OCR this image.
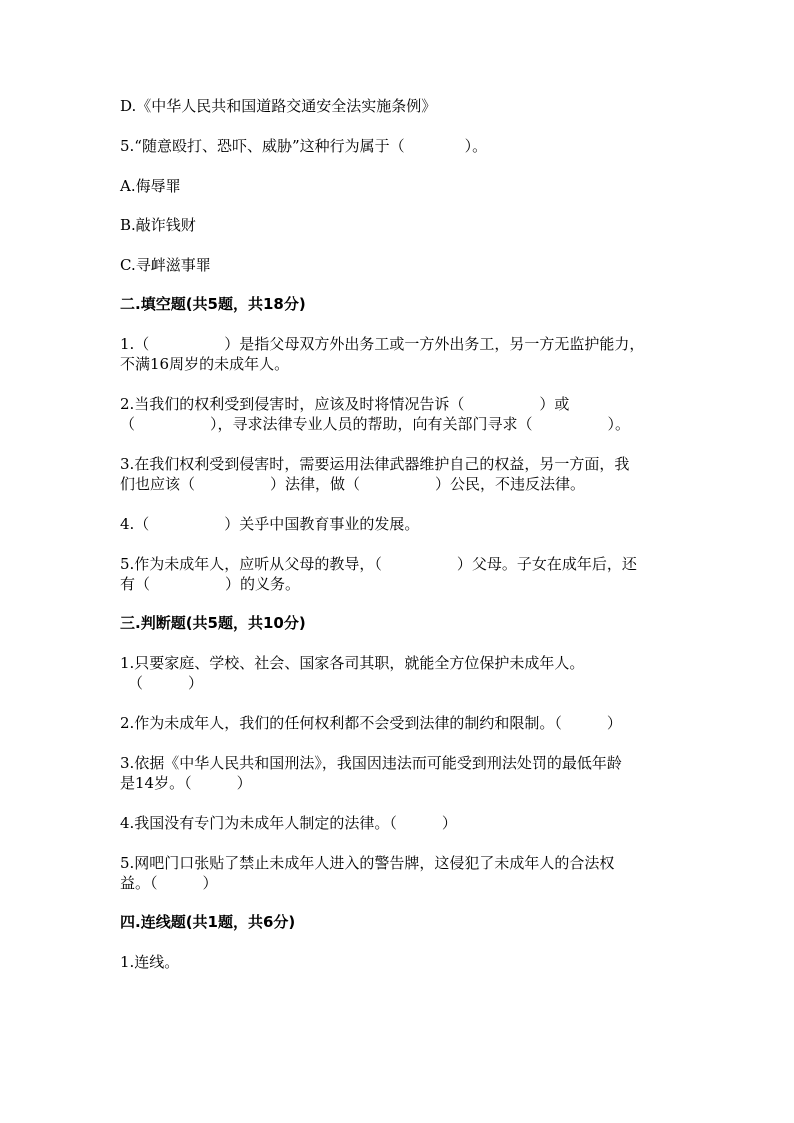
D.《中华人民共和国道路交通安全法实施条例》
5.“随意殴打、恐吓、威胁”这种行为属于（　　　　）。
A.侮辱罪
B.敲诈钱财
C.寻衅滋事罪
二.填空题(共5题，共18分)
1.（　　　　　）是指父母双方外出务工或一方外出务工，另一方无监护能力，
不满16周岁的未成年人。
2.当我们的权利受到侵害时，应该及时将情况告诉（　　　　　）或
（　　　　　），寻求法律专业人员的帮助，向有关部门寻求（　　　　　）。
3.在我们权利受到侵害时，需要运用法律武器维护自己的权益，另一方面，我
们也应该（　　　　　）法律，做（　　　　　）公民，不违反法律。
4.（　　　　　）关乎中国教育事业的发展。
5.作为未成年人，应听从父母的教导，（　　　　　）父母。子女在成年后，还
有（　　　　　）的义务。
三.判断题(共5题，共10分)
1.只要家庭、学校、社会、国家各司其职，就能全方位保护未成年人。
（　　　）
2.作为未成年人，我们的任何权利都不会受到法律的制约和限制。（　　　）
3.依据《中华人民共和国刑法》，我国因违法而可能受到刑法处罚的最低年龄
是14岁。（　　　）
4.我国没有专门为未成年人制定的法律。（　　　）
5.网吧门口张贴了禁止未成年人进入的警告牌，这侵犯了未成年人的合法权
益。（　　　）
四.连线题(共1题，共6分)
1.连线。
